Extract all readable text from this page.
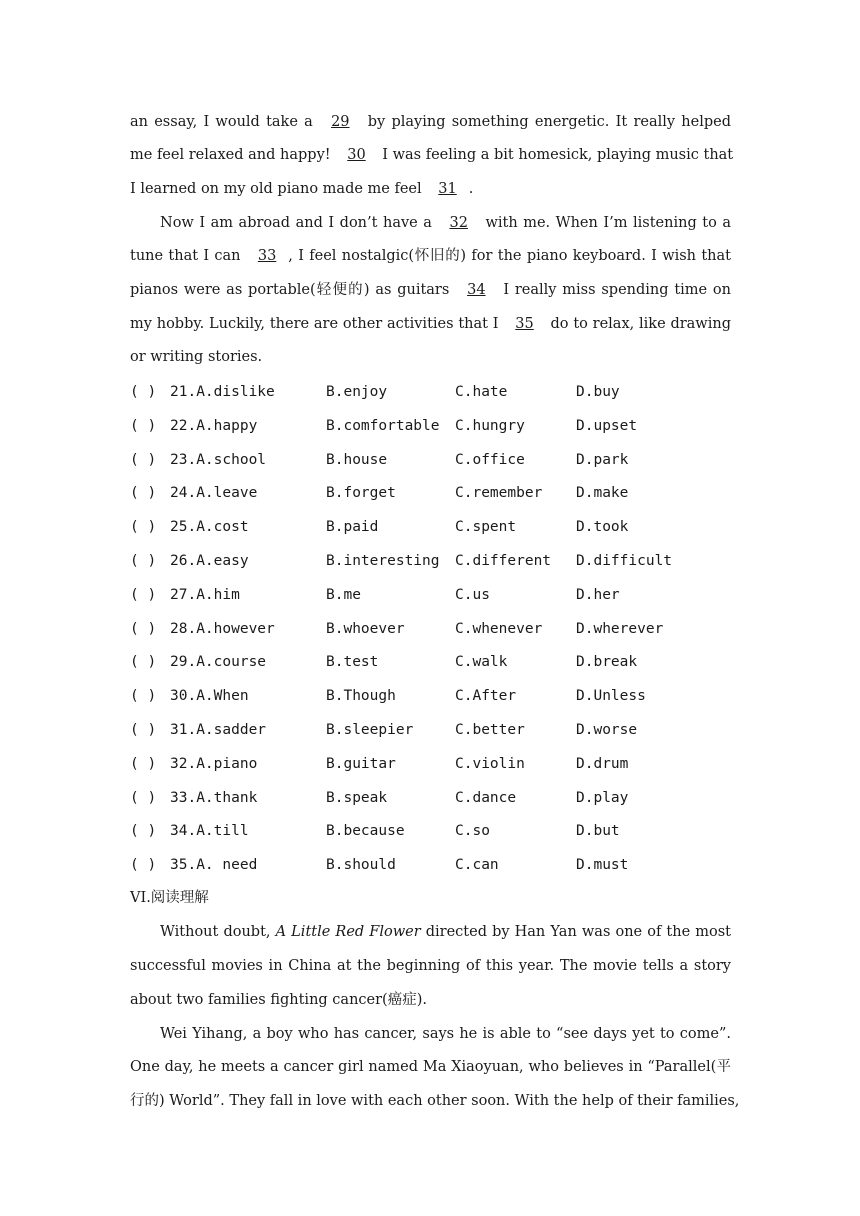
an essay, I would take a 29 by playing something energetic. It really helped
me feel relaxed and happy! 30 I was feeling a bit homesick, playing music that
I learned on my old piano made me feel 31 .
Now I am abroad and I don’t have a 32 with me. When I’m listening to a
tune that I can 33 , I feel nostalgic(怀旧的) for the piano keyboard. I wish that
pianos were as portable(轻便的) as guitars 34 I really miss spending time on
my hobby. Luckily, there are other activities that I 35 do to relax, like drawing
or writing stories.
( ) 21.A.dislike	B.enjoy	C.hate	D.buy
( ) 22.A.happy	B.comfortable C.hungry	D.upset
( ) 23.A.school	B.house	C.office	D.park
( ) 24.A.leave	B.forget	C.remember D.make
( ) 25.A.cost	B.paid	C.spent	D.took
( ) 26.A.easy	B.interesting C.different D.difficult
( ) 27.A.him	B.me	C.us	D.her
( ) 28.A.however	B.whoever	C.whenever D.wherever
( ) 29.A.course	B.test	C.walk	D.break
( ) 30.A.When	B.Though	C.After	D.Unless
( ) 31.A.sadder	B.sleepier	C.better	D.worse
( ) 32.A.piano	B.guitar	C.violin	D.drum
( ) 33.A.thank	B.speak	C.dance	D.play
( ) 34.A.till	B.because	C.so	D.but
( ) 35.A. need	B.should	C.can	D.must
VI.阅读理解
Without doubt, A Little Red Flower directed by Han Yan was one of the most
successful movies in China at the beginning of this year. The movie tells a story
about two families fighting cancer(癌症).
Wei Yihang, a boy who has cancer, says he is able to “see days yet to come”.
One day, he meets a cancer girl named Ma Xiaoyuan, who believes in “Parallel(平
行的) World”. They fall in love with each other soon. With the help of their families,
